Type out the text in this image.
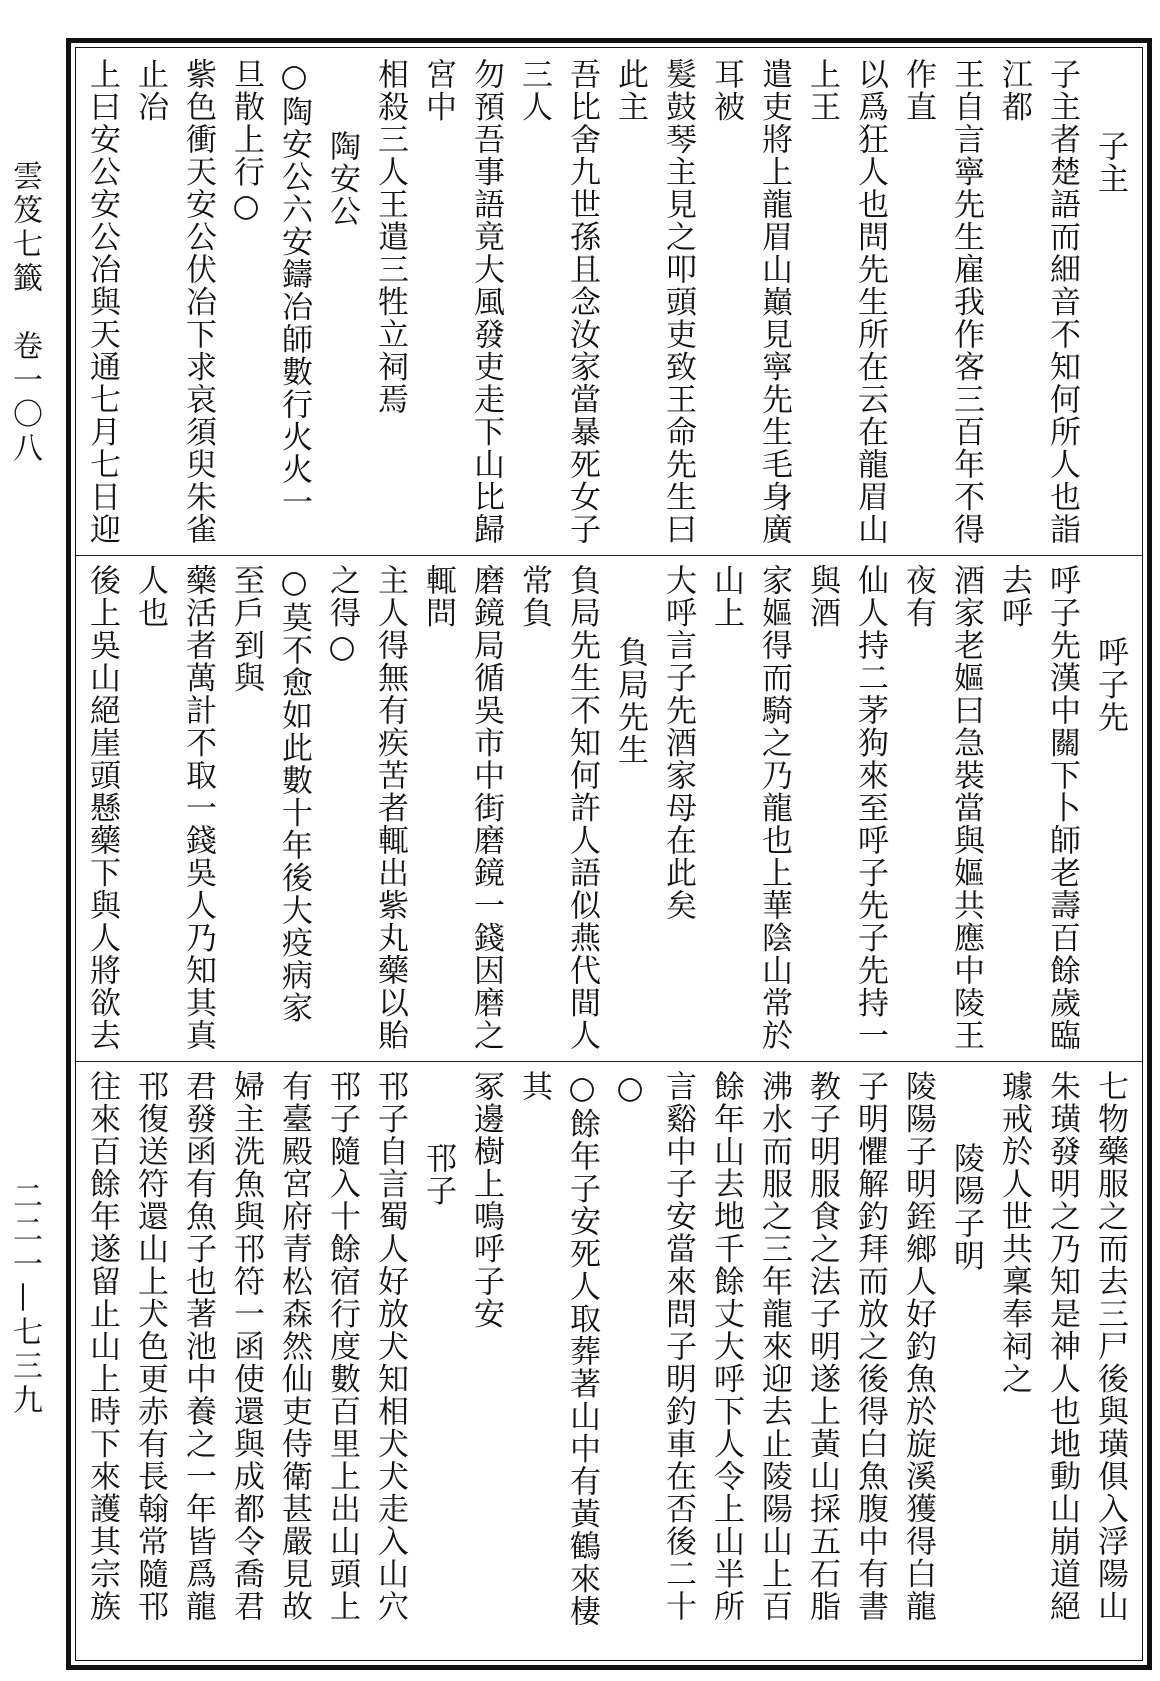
雲笈七籤　卷一〇八
二二一—七三九

子主

子主者楚語而細音不知何所人也詣江都

王自言寧先生雇我作客三百年不得作直

以爲狂人也問先生所在云在龍眉山上王

遣吏將上龍眉山巔見寧先生毛身廣耳被

髮鼓琴主見之叩頭吏致王命先生曰此主

吾比舍九世孫且念汝家當暴死女子三人

勿預吾事語竟大風發吏走下山比歸宮中

相殺三人王遣三牲立祠焉

陶安公

○陶安公六安鑄冶師數行火火一旦散上行○

紫色衝天安公伏冶下求哀須臾朱雀止冶

上曰安公安公冶與天通七月七日迎

呼子先

呼子先漢中關下卜師老壽百餘歲臨去呼

酒家老嫗曰急裝當與嫗共應中陵王夜有

仙人持二茅狗來至呼子先子先持一與酒

家嫗得而騎之乃龍也上華陰山常於山上

大呼言子先酒家母在此矣

負局先生

負局先生不知何許人語似燕代間人常負

磨鏡局循吳市中街磨鏡一錢因磨之輒問

主人得無有疾苦者輒出紫丸藥以貽之得○

○莫不愈如此數十年後大疫病家至戶到與

藥活者萬計不取一錢吳人乃知其真人也

後上吳山絕崖頭懸藥下與人將欲去

七物藥服之而去三尸後與璜俱入浮陽山

朱璜發明之乃知是神人也地動山崩道絕

璩戒於人世共稟奉祠之

陵陽子明

陵陽子明銍鄉人好釣魚於旋溪獲得白龍

子明懼解釣拜而放之後得白魚腹中有書

教子明服食之法子明遂上黃山採五石脂

沸水而服之三年龍來迎去止陵陽山上百

餘年山去地千餘丈大呼下人令上山半所

言谿中子安當來問子明釣車在否後二十○

○餘年子安死人取葬著山中有黃鶴來棲其

冢邊樹上鳴呼子安

邗子

邗子自言蜀人好放犬知相犬犬走入山穴

邗子隨入十餘宿行度數百里上出山頭上

有臺殿宮府青松森然仙吏侍衛甚嚴見故

婦主洗魚與邗符一函使還與成都令喬君

君發函有魚子也著池中養之一年皆爲龍

邗復送符還山上犬色更赤有長翰常隨邗

往來百餘年遂留止山上時下來護其宗族
